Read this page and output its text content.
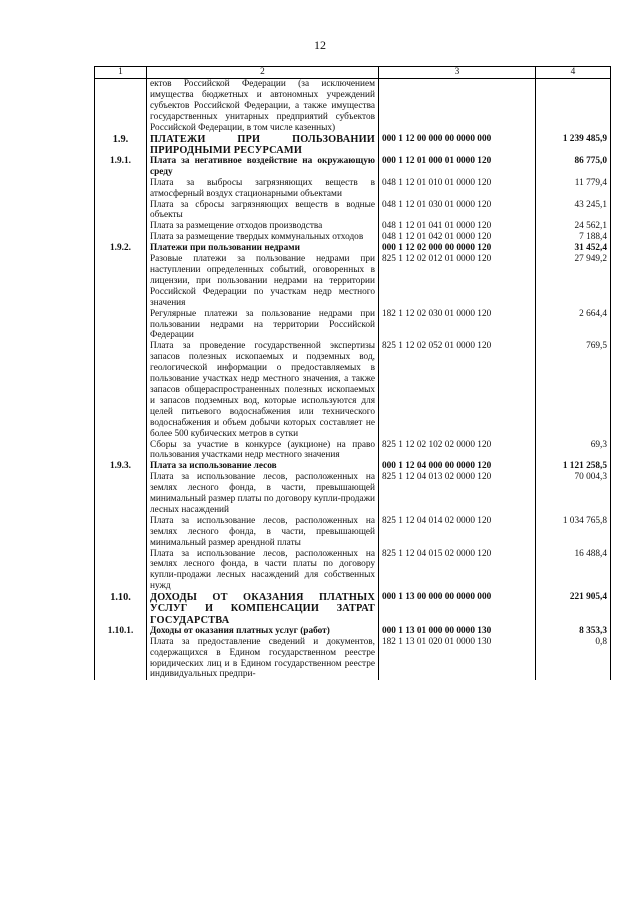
12
1	2	3	4
	ектов Российской Федерации (за исключением имущества бюджетных и автономных учреждений субъектов Российской Федерации, а также имущества государственных унитарных предприятий субъектов Российской Федерации, в том числе казенных)		
1.9.	ПЛАТЕЖИ ПРИ ПОЛЬЗОВАНИИ ПРИРОДНЫМИ РЕСУРСАМИ	000 1 12 00 000 00 0000 000	1 239 485,9
1.9.1.	Плата за негативное воздействие на окружающую среду	000 1 12 01 000 01 0000 120	86 775,0
	Плата за выбросы загрязняющих веществ в атмосферный воздух стационарными объектами	048 1 12 01 010 01 0000 120	11 779,4
	Плата за сбросы загрязняющих веществ в водные объекты	048 1 12 01 030 01 0000 120	43 245,1
	Плата за размещение отходов производства	048 1 12 01 041 01 0000 120	24 562,1
	Плата за размещение твердых коммунальных отходов	048 1 12 01 042 01 0000 120	7 188,4
1.9.2.	Платежи при пользовании недрами	000 1 12 02 000 00 0000 120	31 452,4
	Разовые платежи за пользование недрами при наступлении определенных событий, оговоренных в лицензии, при пользовании недрами на территории Российской Федерации по участкам недр местного значения	825 1 12 02 012 01 0000 120	27 949,2
	Регулярные платежи за пользование недрами при пользовании недрами на территории Российской Федерации	182 1 12 02 030 01 0000 120	2 664,4
	Плата за проведение государственной экспертизы запасов полезных ископаемых и подземных вод, геологической информации о предоставляемых в пользование участках недр местного значения, а также запасов общераспространенных полезных ископаемых и запасов подземных вод, которые используются для целей питьевого водоснабжения или технического водоснабжения и объем добычи которых составляет не более 500 кубических метров в сутки	825 1 12 02 052 01 0000 120	769,5
	Сборы за участие в конкурсе (аукционе) на право пользования участками недр местного значения	825 1 12 02 102 02 0000 120	69,3
1.9.3.	Плата за использование лесов	000 1 12 04 000 00 0000 120	1 121 258,5
	Плата за использование лесов, расположенных на землях лесного фонда, в части, превышающей минимальный размер платы по договору купли-продажи лесных насаждений	825 1 12 04 013 02 0000 120	70 004,3
	Плата за использование лесов, расположенных на землях лесного фонда, в части, превышающей минимальный размер арендной платы	825 1 12 04 014 02 0000 120	1 034 765,8
	Плата за использование лесов, расположенных на землях лесного фонда, в части платы по договору купли-продажи лесных насаждений для собственных нужд	825 1 12 04 015 02 0000 120	16 488,4
1.10.	ДОХОДЫ ОТ ОКАЗАНИЯ ПЛАТНЫХ УСЛУГ И КОМПЕНСАЦИИ ЗАТРАТ ГОСУДАРСТВА	000 1 13 00 000 00 0000 000	221 905,4
1.10.1.	Доходы от оказания платных услуг (работ)	000 1 13 01 000 00 0000 130	8 353,3
	Плата за предоставление сведений и документов, содержащихся в Едином государственном реестре юридических лиц и в Едином государственном реестре индивидуальных предпри-	182 1 13 01 020 01 0000 130	0,8
